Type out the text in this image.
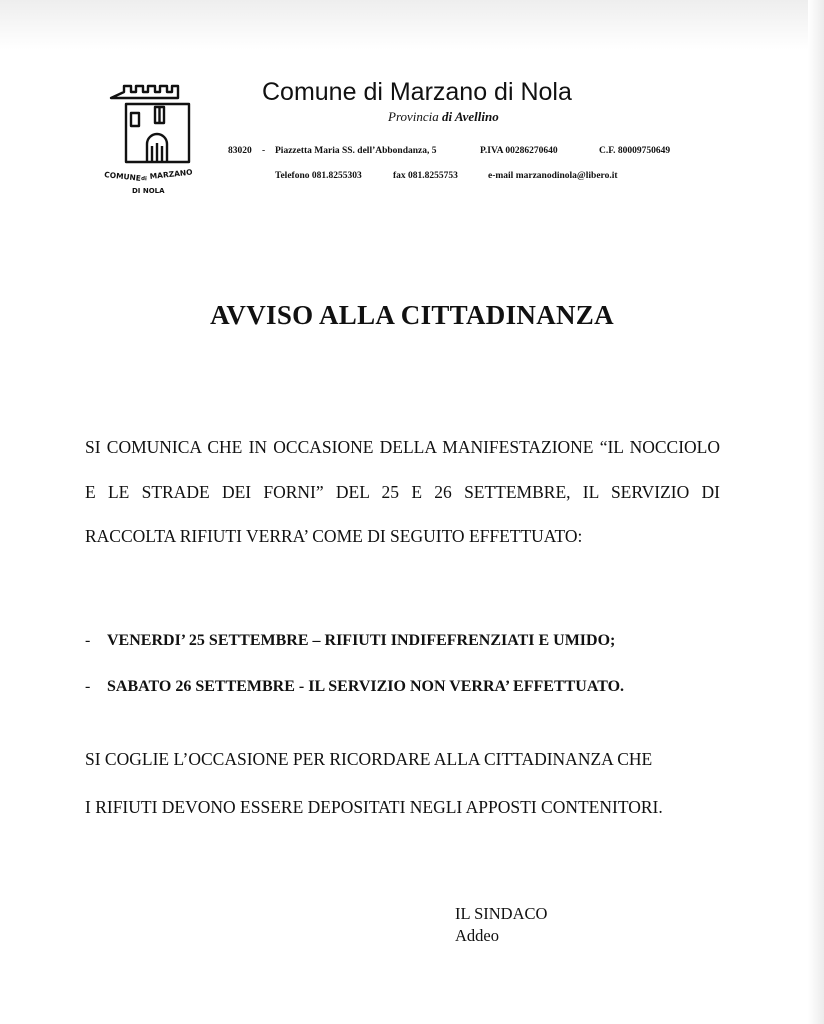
COMUNE di MARZANO
DI NOLA
Comune di Marzano di Nola
Provincia di Avellino
83020 - Piazzetta Maria SS. dell’Abbondanza, 5	P.IVA 00286270640	C.F. 80009750649
Telefono 081.8255303	fax 081.8255753	e-mail marzanodinola@libero.it
AVVISO ALLA CITTADINANZA
SI COMUNICA CHE IN OCCASIONE DELLA MANIFESTAZIONE “IL NOCCIOLO E LE STRADE DEI FORNI” DEL 25 E 26 SETTEMBRE, IL SERVIZIO DI RACCOLTA RIFIUTI VERRA’ COME DI SEGUITO EFFETTUATO:
- VENERDI’ 25 SETTEMBRE – RIFIUTI INDIFEFRENZIATI E UMIDO;
- SABATO 26 SETTEMBRE - IL SERVIZIO NON VERRA’ EFFETTUATO.
SI COGLIE L’OCCASIONE PER RICORDARE ALLA CITTADINANZA CHE
I RIFIUTI DEVONO ESSERE DEPOSITATI NEGLI APPOSTI CONTENITORI.
IL SINDACO
Addeo
